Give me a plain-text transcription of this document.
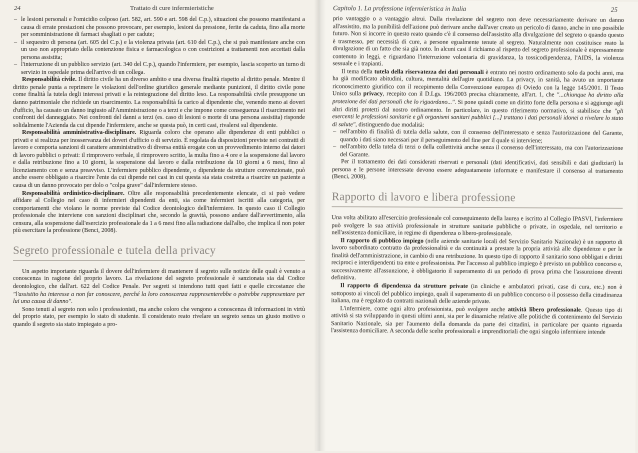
24	Trattato di cure infermieristiche
– le lesioni personali e l'omicidio colposo (art. 582, art. 590 e art. 598 del C.p.), situazioni che possono manifestarsi a causa di errate prestazioni che possono provocare, per esempio, lesioni da pressione, ferite da caduta, fino alla morte per somministrazione di farmaci sbagliati o per cadute;
– il sequestro di persona (art. 605 del C.p.) e la violenza privata (art. 610 del C.p.), che si può manifestare anche con un uso non appropriato della contenzione fisica e farmacologica o con costrizioni a trattamenti non accettati dalla persona assistita;
– l'interruzione di un pubblico servizio (art. 340 del C.p.), quando l'infermiere, per esempio, lascia scoperto un turno di servizio in ospedale prima dell'arrivo di un collega.

Responsabilità civile. Il diritto civile ha un diverso ambito e una diversa finalità rispetto al diritto penale. Mentre il diritto penale punta a reprimere le violazioni dell'ordine giuridico generale mediante punizioni, il diritto civile pone come finalità la tutela degli interessi privati e la reintegrazione del diritto leso. La responsabilità civile presuppone un danno patrimoniale che richiede un risarcimento. La responsabilità fa carico al dipendente che, venendo meno ai doveri d'ufficio, ha causato un danno ingiusto all'Amministrazione o a terzi e che impone come conseguenza il risarcimento nei confronti del danneggiato. Nei confronti del danni a terzi (es. caso di lesioni o morte di una persona assistita) risponde solidalmente l'Azienda da cui dipende l'infermiere, anche se questa può, in certi casi, rivalersi sul dipendente.

Responsabilità amministrativa-disciplinare. Riguarda coloro che operano alle dipendenze di enti pubblici o privati e si realizza per inosservanza dei doveri d'ufficio o di servizio. È regolata da disposizioni previste nei contratti di lavoro e comporta sanzioni di carattere amministrativo di diversa entità erogate con un provvedimento interno dai datori di lavoro pubblici o privati: il rimprovero verbale, il rimprovero scritto, la multa fino a 4 ore e la sospensione dal lavoro e dalla retribuzione fino a 10 giorni, la sospensione dal lavoro e dalla retribuzione da 10 giorni a 6 mesi, fino al licenziamento con e senza preavviso. L'infermiere pubblico dipendente, o dipendente da strutture convenzionate, può anche essere obbligato a risarcire l'ente da cui dipende nei casi in cui questa sia stata costretta a risarcire un paziente a causa di un danno provocato per dolo o "colpa grave" dall'infermiere stesso.

Responsabilità ordinistico-disciplinare. Oltre alle responsabilità precedentemente elencate, ci si può vedere affidare al Collegio nel caso di infermieri dipendenti da enti, sia come infermieri iscritti alla categoria, per comportamenti che violano le norme previste dal Codice deontologico dell'infermiere. In questo caso il Collegio professionale che interviene con sanzioni disciplinari che, secondo la gravità, possono andare dall'avvertimento, alla censura, alla sospensione dall'esercizio professionale da 1 a 6 mesi fino alla radiazione dall'albo, che implica il non poter più esercitare la professione (Benci, 2008).

Segreto professionale e tutela della privacy

Un aspetto importante riguarda il dovere dell'infermiere di mantenere il segreto sulle notizie delle quali è venuto a conoscenza in ragione del proprio lavoro. La rivelazione del segreto professionale è sanzionata sia dal Codice deontologico, che dall'art. 622 del Codice Penale. Per segreti si intendono tutti quei fatti e quelle circostanze che "l'assistito ha interesse a non far conoscere, perché la loro conoscenza rappresenterebbe o potrebbe rappresentare per lui una causa di danno".

Sono tenuti al segreto non solo i professionisti, ma anche coloro che vengono a conoscenza di informazioni in virtù del proprio stato, per esempio lo stato di studente. Il considerato reato rivelare un segreto senza un giusto motivo o quando il segreto sia stato impiegato a pro-

Capitolo 1. La professione infermieristica in Italia	25

prio vantaggio o a vantaggio altrui. Dalla rivelazione del segreto non deve necessariamente derivare un danno all'assistito, ma la punibilità dell'azione può derivare anche dall'aver creato un pericolo di danno, anche in uno possibile futuro. Non si incorre in questo reato quando c'è il consenso dell'assistito alla divulgazione del segreto o quando questo è trasmesso, per necessità di cure, a persone egualmente tenute al segreto. Naturalmente non costituisce reato la divulgazione di un fatto che sia già noto. In alcuni casi il richiamo al rispetto del segreto professionale è espressamente contenuto in leggi, e riguardano l'interruzione volontaria di gravidanza, la tossicodipendenza, l'AIDS, la violenza sessuale e i trapianti.

Il tema della tutela della riservatezza dei dati personali è entrato nei nostro ordinamento solo da pochi anni, ma ha già modificato abitudini, cultura, mentalità dell'agire quotidiano. La privacy, in sanità, ha avuto un importante riconoscimento giuridico con il recepimento della Convenzione europea di Oviedo con la legge 145/2001. Il Testo Unico sulla privacy, recepito con il D.Lgs. 196/2003 precisa chiaramente, all'art. 1, che "...chiunque ha diritto alla protezione dei dati personali che lo riguardano...". Si pone quindi come un diritto forte della persona e si aggiunge agli altri diritti protetti dal nostro ordinamento. In particolare, in questo riferimento normativo, si stabilisce che "gli esercenti le professioni sanitarie e gli organismi sanitari pubblici [...] trattano i dati personali idonei a rivelare lo stato di salute", distinguendo due modalità:

– nell'ambito di finalità di tutela della salute, con il consenso dell'interessato e senza l'autorizzazione del Garante, quando i dati siano necessari per il perseguimento del fine per il quale si interviene;
– nell'ambito della tutela di terzi o della collettività anche senza il consenso dell'interessato, ma con l'autorizzazione del Garante.

Per il trattamento dei dati considerati riservati e personali (dati identificativi, dati sensibili e dati giudiziari) la persona e le persone interessate devono essere adeguatamente informate e manifestare il consenso al trattamento (Benci, 2008).

Rapporto di lavoro e libera professione

Una volta abilitato all'esercizio professionale col conseguimento della laurea e iscritto al Collegio IPASVI, l'infermiere può svolgere la sua attività professionale in strutture sanitarie pubbliche o private, in ospedale, nel territorio e nell'assistenza domiciliare, in regime di dipendenza o libero-professionale.

Il rapporto di pubblico impiego (nelle aziende sanitarie locali del Servizio Sanitario Nazionale) è un rapporto di lavoro subordinato contratto da professionalità e da continuità a prestare la propria attività alle dipendenze e per le finalità dell'amministrazione, in cambio di una retribuzione. In questo tipo di rapporto il sanitario sono obbligati e diritti reciproci e interdipendenti tra ente e professionista. Per l'accesso al pubblico impiego è previsto un pubblico concorso e, successivamente all'assunzione, è obbligatorio il superamento di un periodo di prova prima che l'assunzione diventi definitiva.

Il rapporto di dipendenza da strutture private (in cliniche e ambulatori privati, case di cura, etc.) non è sottoposto ai vincoli del pubblico impiego, quali il superamento di un pubblico concorso o il possesso della cittadinanza italiana, ma è regolato da contratti nazionali delle aziende private.

L'infermiere, come ogni altro professionista, può svolgere anche attività libero professionale. Questo tipo di attività si sta sviluppando in questi ultimi anni, sia per le dinamiche relative alle politiche di contenimento del Servizio Sanitario Nazionale, sia per l'aumento della domanda da parte dei cittadini, in particolare per quanto riguarda l'assistenza domiciliare. A seconda delle scelte professionali e imprenditoriali che ogni singolo infermiere intende
